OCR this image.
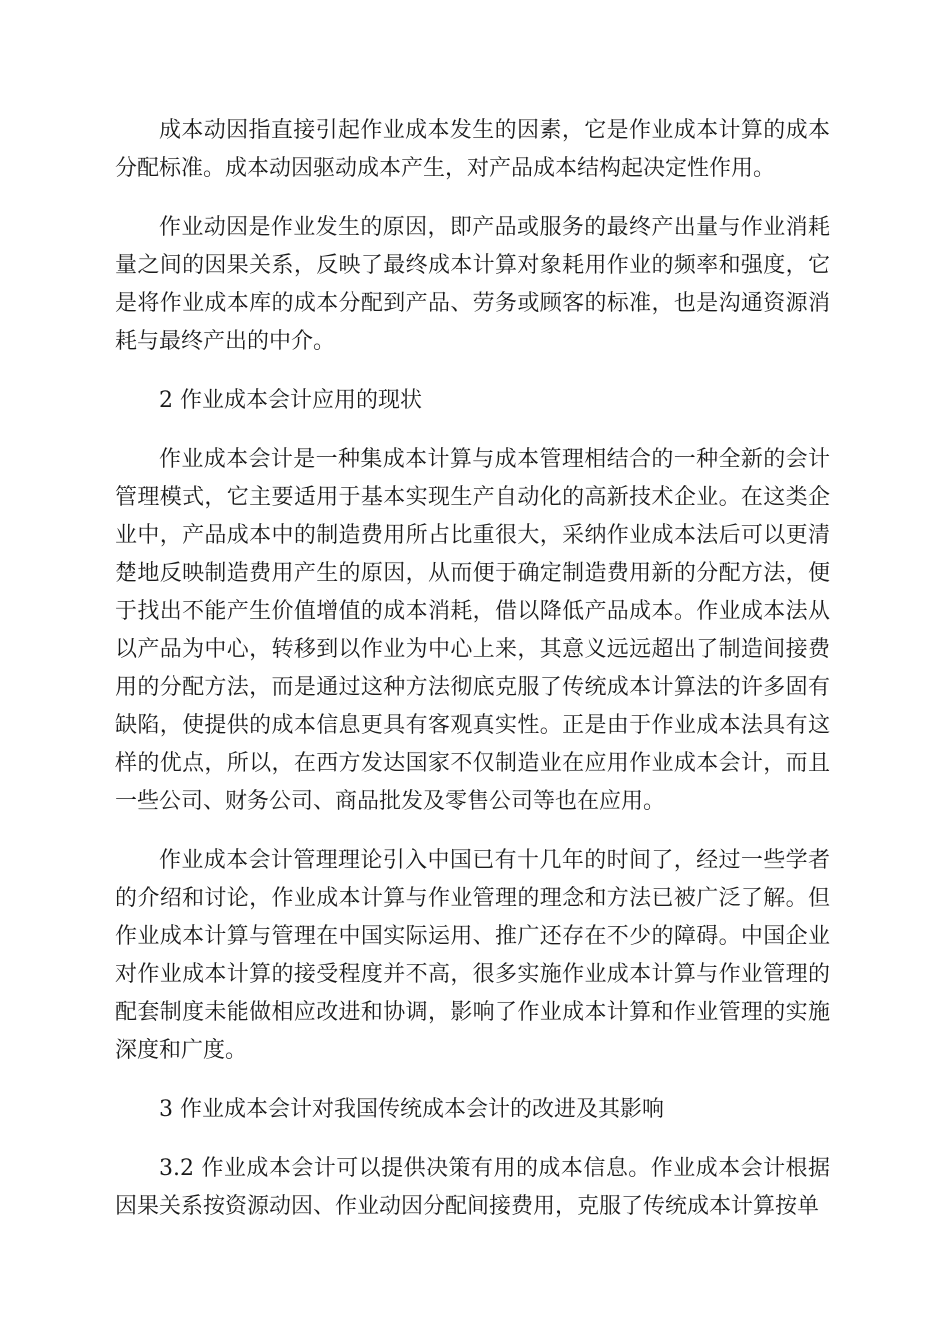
成本动因指直接引起作业成本发生的因素，它是作业成本计算的成本分配标准。成本动因驱动成本产生，对产品成本结构起决定性作用。

作业动因是作业发生的原因，即产品或服务的最终产出量与作业消耗量之间的因果关系，反映了最终成本计算对象耗用作业的频率和强度，它是将作业成本库的成本分配到产品、劳务或顾客的标准，也是沟通资源消耗与最终产出的中介。

2 作业成本会计应用的现状

作业成本会计是一种集成本计算与成本管理相结合的一种全新的会计管理模式，它主要适用于基本实现生产自动化的高新技术企业。在这类企业中，产品成本中的制造费用所占比重很大，采纳作业成本法后可以更清楚地反映制造费用产生的原因，从而便于确定制造费用新的分配方法，便于找出不能产生价值增值的成本消耗，借以降低产品成本。作业成本法从以产品为中心，转移到以作业为中心上来，其意义远远超出了制造间接费用的分配方法，而是通过这种方法彻底克服了传统成本计算法的许多固有缺陷，使提供的成本信息更具有客观真实性。正是由于作业成本法具有这样的优点，所以，在西方发达国家不仅制造业在应用作业成本会计，而且一些公司、财务公司、商品批发及零售公司等也在应用。

作业成本会计管理理论引入中国已有十几年的时间了，经过一些学者的介绍和讨论，作业成本计算与作业管理的理念和方法已被广泛了解。但作业成本计算与管理在中国实际运用、推广还存在不少的障碍。中国企业对作业成本计算的接受程度并不高，很多实施作业成本计算与作业管理的配套制度未能做相应改进和协调，影响了作业成本计算和作业管理的实施深度和广度。

3 作业成本会计对我国传统成本会计的改进及其影响

3.2 作业成本会计可以提供决策有用的成本信息。作业成本会计根据因果关系按资源动因、作业动因分配间接费用，克服了传统成本计算按单
